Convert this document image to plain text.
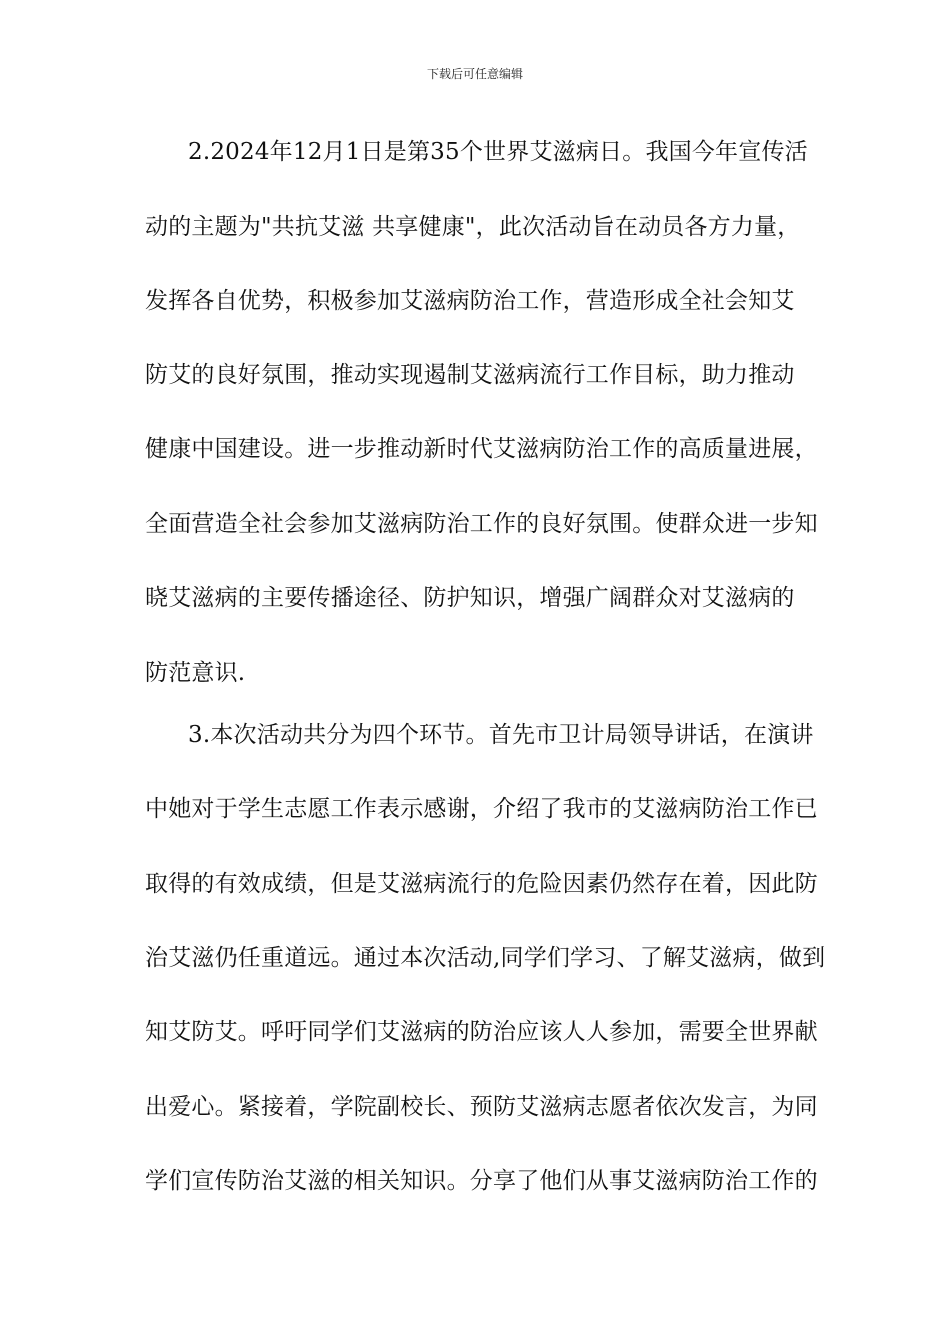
下载后可任意编辑
2.2024年12月1日是第35个世界艾滋病日。我国今年宣传活
动的主题为"共抗艾滋 共享健康"，此次活动旨在动员各方力量，
发挥各自优势，积极参加艾滋病防治工作，营造形成全社会知艾
防艾的良好氛围，推动实现遏制艾滋病流行工作目标，助力推动
健康中国建设。进一步推动新时代艾滋病防治工作的高质量进展，
全面营造全社会参加艾滋病防治工作的良好氛围。使群众进一步知
晓艾滋病的主要传播途径、防护知识，增强广阔群众对艾滋病的
防范意识.
3.本次活动共分为四个环节。首先市卫计局领导讲话，在演讲
中她对于学生志愿工作表示感谢，介绍了我市的艾滋病防治工作已
取得的有效成绩，但是艾滋病流行的危险因素仍然存在着，因此防
治艾滋仍任重道远。通过本次活动,同学们学习、了解艾滋病，做到
知艾防艾。呼吁同学们艾滋病的防治应该人人参加，需要全世界献
出爱心。紧接着，学院副校长、预防艾滋病志愿者依次发言，为同
学们宣传防治艾滋的相关知识。分享了他们从事艾滋病防治工作的
